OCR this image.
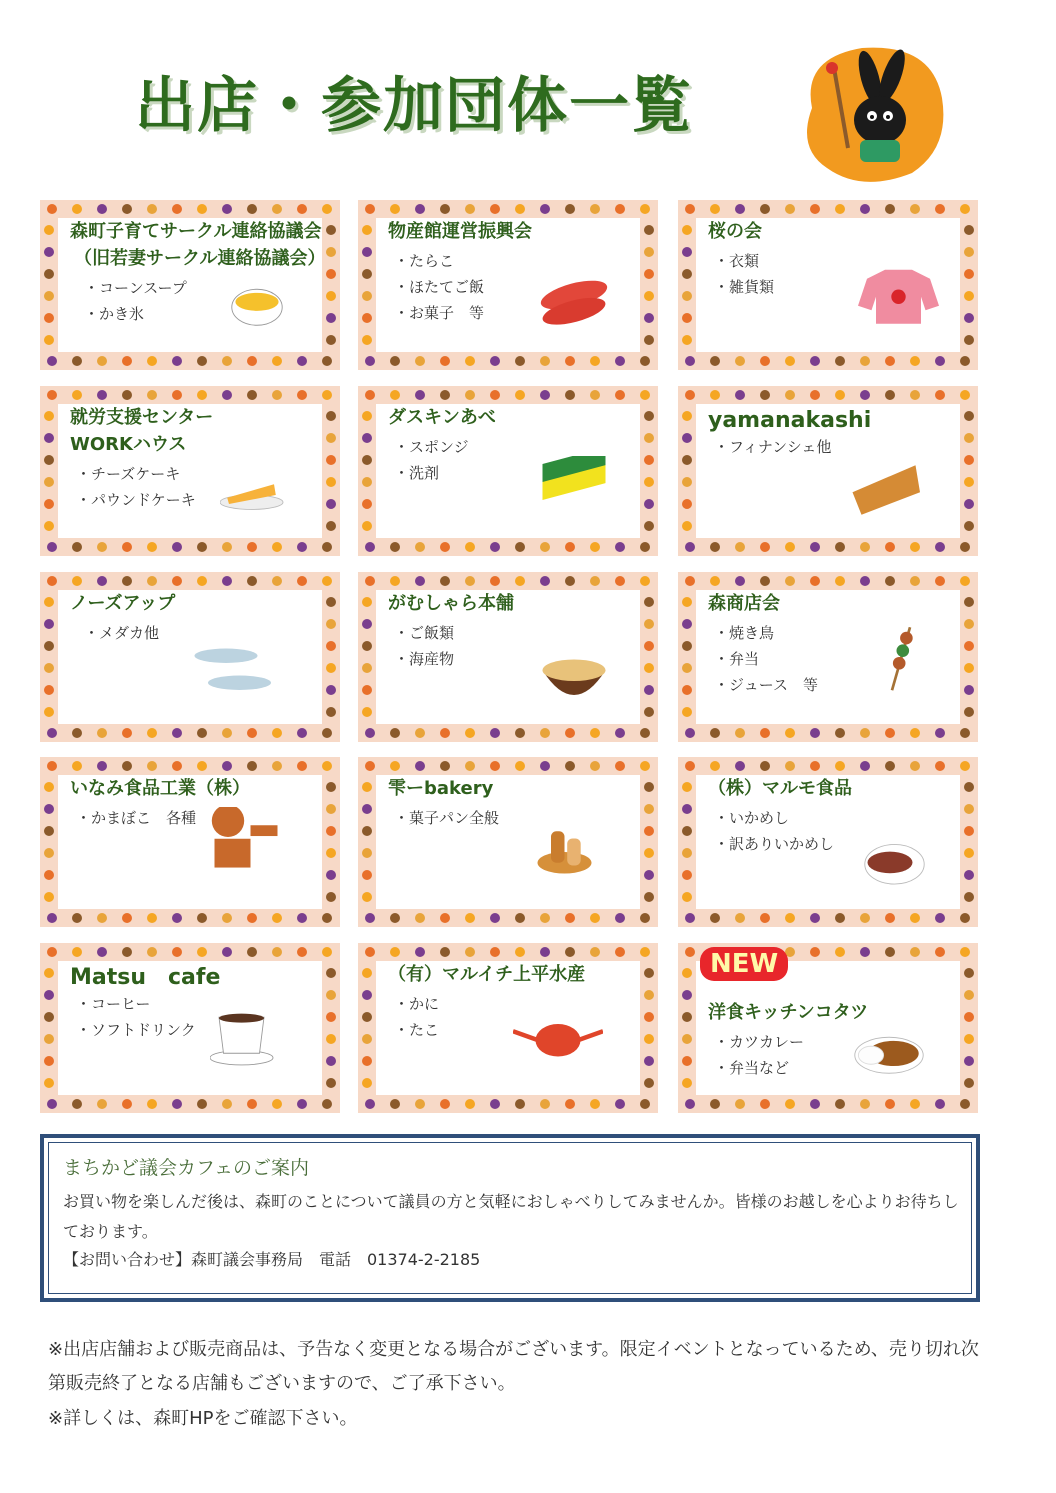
出店・参加団体一覧
森町子育てサークル連絡協議会
（旧若妻サークル連絡協議会）
・ コーンスープ
・ かき氷
物産館運営振興会
・ たらこ
・ ほたてご飯
・ お菓子　等
桜の会
・ 衣類
・ 雑貨類
就労支援センター
WORKハウス
・ チーズケーキ
・ パウンドケーキ
ダスキンあべ
・ スポンジ
・ 洗剤
yamanakashi
・ フィナンシェ他
ノーズアップ
・ メダカ他
がむしゃら本舗
・ ご飯類
・ 海産物
森商店会
・ 焼き鳥
・ 弁当
・ ジュース　等
いなみ食品工業（株）
・ かまぼこ　各種
雫ーbakery
・ 菓子パン全般
（株）マルモ食品
・ いかめし
・ 訳ありいかめし
Matsu　cafe
・ コーヒー
・ ソフトドリンク
（有）マルイチ上平水産
・ かに
・ たこ
NEW
洋食キッチンコタツ
・ カツカレー
・ 弁当など
まちかど議会カフェのご案内
お買い物を楽しんだ後は、森町のことについて議員の方と気軽におしゃべりしてみませんか。皆様のお越しを心よりお待ちしております。
【お問い合わせ】森町議会事務局　電話　01374-2-2185
※出店店舗および販売商品は、予告なく変更となる場合がございます。限定イベントとなっているため、売り切れ次第販売終了となる店舗もございますので、ご了承下さい。
※詳しくは、森町HPをご確認下さい。
